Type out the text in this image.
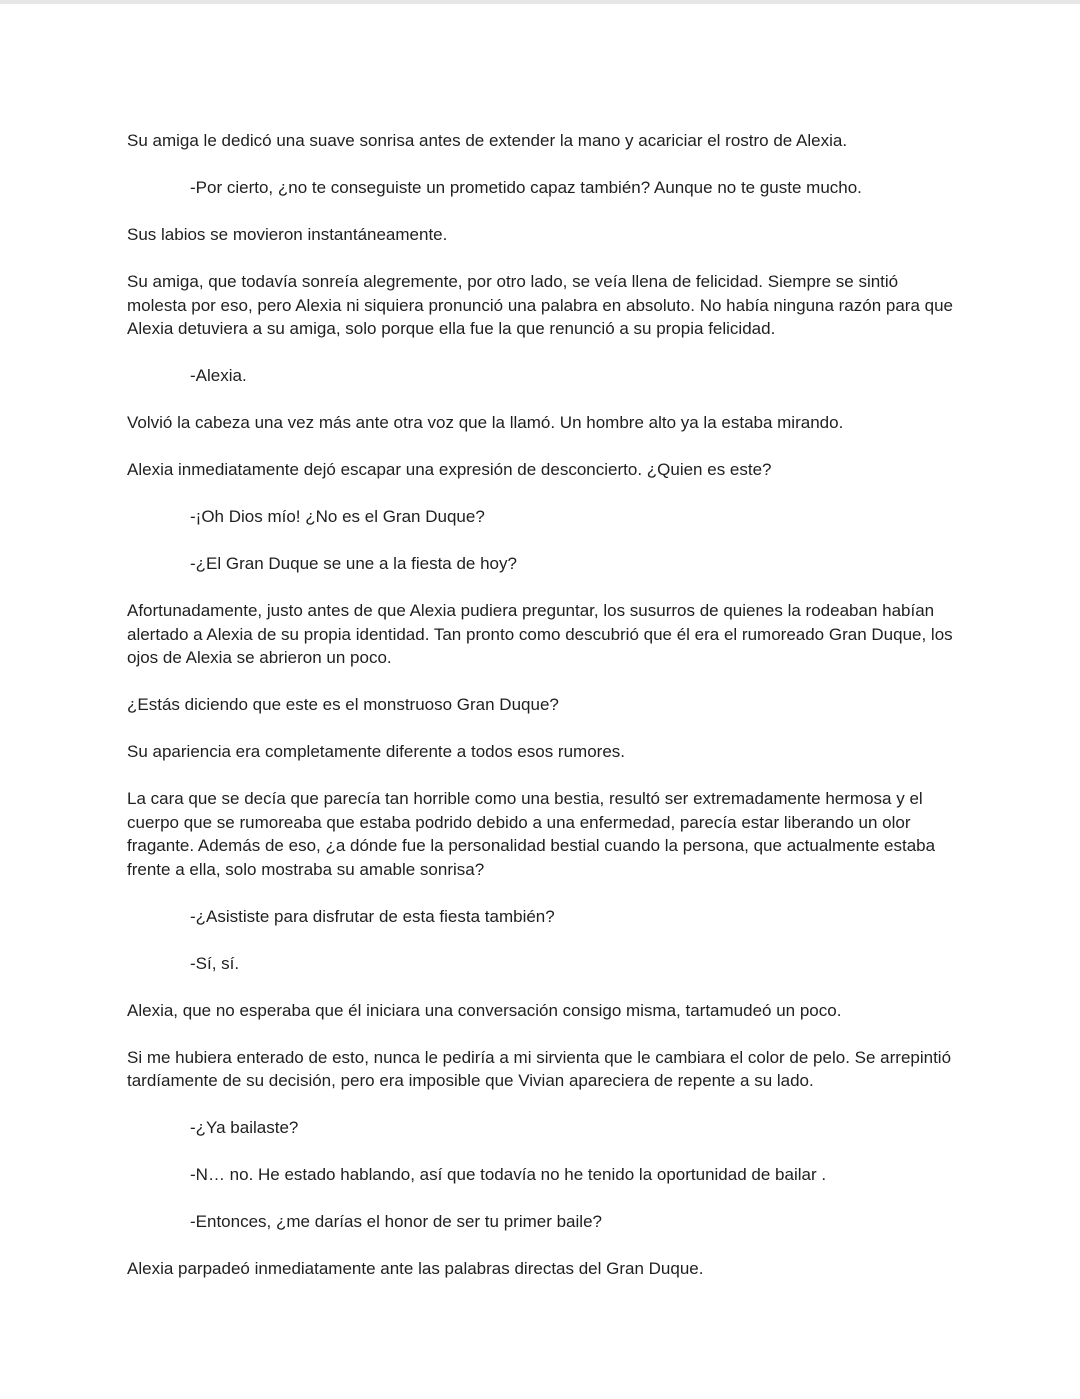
Su amiga le dedicó una suave sonrisa antes de extender la mano y acariciar el rostro de Alexia.

-Por cierto, ¿no te conseguiste un prometido capaz también? Aunque no te guste mucho.

Sus labios se movieron instantáneamente.

Su amiga, que todavía sonreía alegremente, por otro lado, se veía llena de felicidad. Siempre se sintió molesta por eso, pero Alexia ni siquiera pronunció una palabra en absoluto. No había ninguna razón para que Alexia detuviera a su amiga, solo porque ella fue la que renunció a su propia felicidad.

-Alexia.

Volvió la cabeza una vez más ante otra voz que la llamó. Un hombre alto ya la estaba mirando.

Alexia inmediatamente dejó escapar una expresión de desconcierto. ¿Quien es este?

-¡Oh Dios mío! ¿No es el Gran Duque?

-¿El Gran Duque se une a la fiesta de hoy?

Afortunadamente, justo antes de que Alexia pudiera preguntar, los susurros de quienes la rodeaban habían alertado a Alexia de su propia identidad. Tan pronto como descubrió que él era el rumoreado Gran Duque, los ojos de Alexia se abrieron un poco.

¿Estás diciendo que este es el monstruoso Gran Duque?

Su apariencia era completamente diferente a todos esos rumores.

La cara que se decía que parecía tan horrible como una bestia, resultó ser extremadamente hermosa y el cuerpo que se rumoreaba que estaba podrido debido a una enfermedad, parecía estar liberando un olor fragante. Además de eso, ¿a dónde fue la personalidad bestial cuando la persona, que actualmente estaba frente a ella, solo mostraba su amable sonrisa?

-¿Asististe para disfrutar de esta fiesta también?

-Sí, sí.

Alexia, que no esperaba que él iniciara una conversación consigo misma, tartamudeó un poco.

Si me hubiera enterado de esto, nunca le pediría a mi sirvienta que le cambiara el color de pelo. Se arrepintió tardíamente de su decisión, pero era imposible que Vivian apareciera de repente a su lado.

-¿Ya bailaste?

-N… no. He estado hablando, así que todavía no he tenido la oportunidad de bailar .

-Entonces, ¿me darías el honor de ser tu primer baile?

Alexia parpadeó inmediatamente ante las palabras directas del Gran Duque.
